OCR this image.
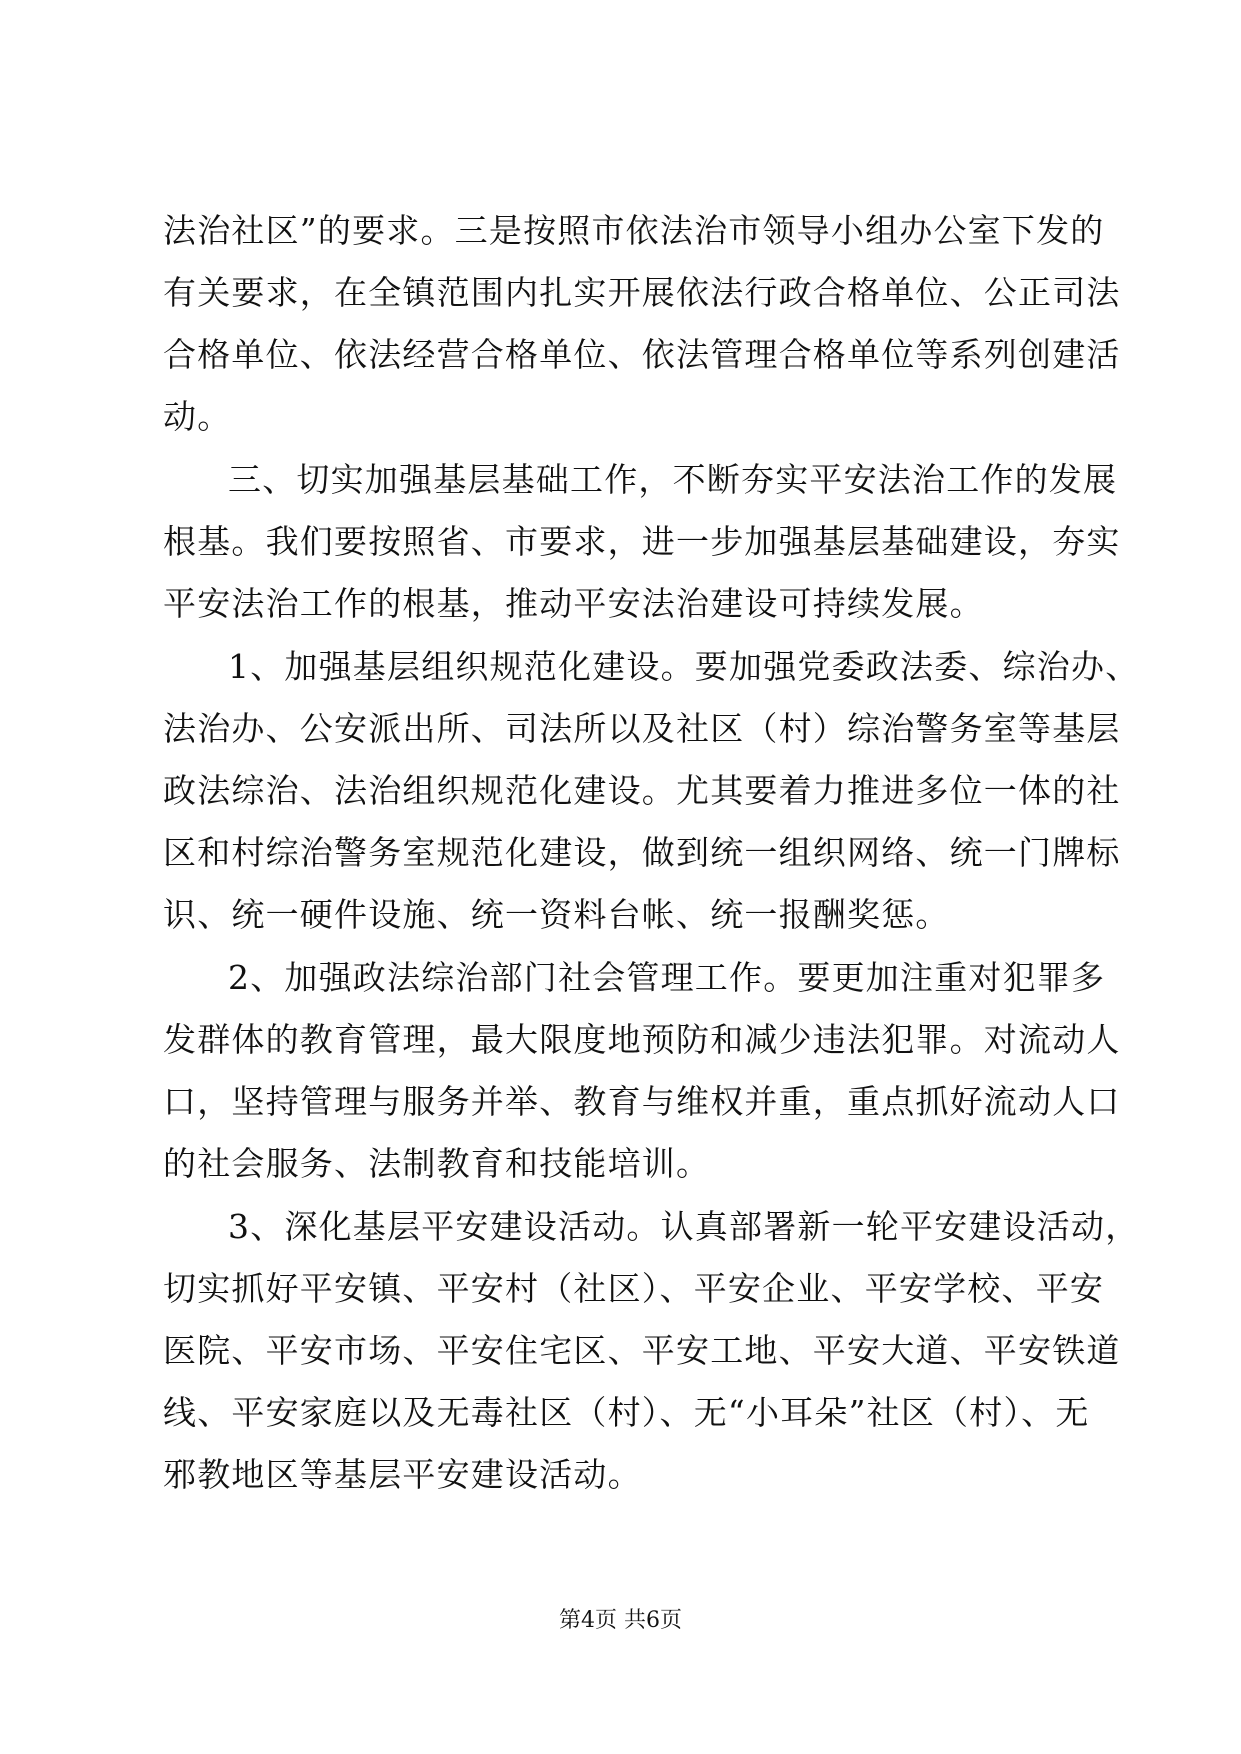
法治社区”的要求。三是按照市依法治市领导小组办公室下发的
有关要求，在全镇范围内扎实开展依法行政合格单位、公正司法
合格单位、依法经营合格单位、依法管理合格单位等系列创建活
动。
三、切实加强基层基础工作，不断夯实平安法治工作的发展
根基。我们要按照省、市要求，进一步加强基层基础建设，夯实
平安法治工作的根基，推动平安法治建设可持续发展。
1、加强基层组织规范化建设。要加强党委政法委、综治办、
法治办、公安派出所、司法所以及社区（村）综治警务室等基层
政法综治、法治组织规范化建设。尤其要着力推进多位一体的社
区和村综治警务室规范化建设，做到统一组织网络、统一门牌标
识、统一硬件设施、统一资料台帐、统一报酬奖惩。
2、加强政法综治部门社会管理工作。要更加注重对犯罪多
发群体的教育管理，最大限度地预防和减少违法犯罪。对流动人
口，坚持管理与服务并举、教育与维权并重，重点抓好流动人口
的社会服务、法制教育和技能培训。
3、深化基层平安建设活动。认真部署新一轮平安建设活动，
切实抓好平安镇、平安村（社区）、平安企业、平安学校、平安
医院、平安市场、平安住宅区、平安工地、平安大道、平安铁道
线、平安家庭以及无毒社区（村）、无“小耳朵”社区（村）、无
邪教地区等基层平安建设活动。
第4页 共6页
